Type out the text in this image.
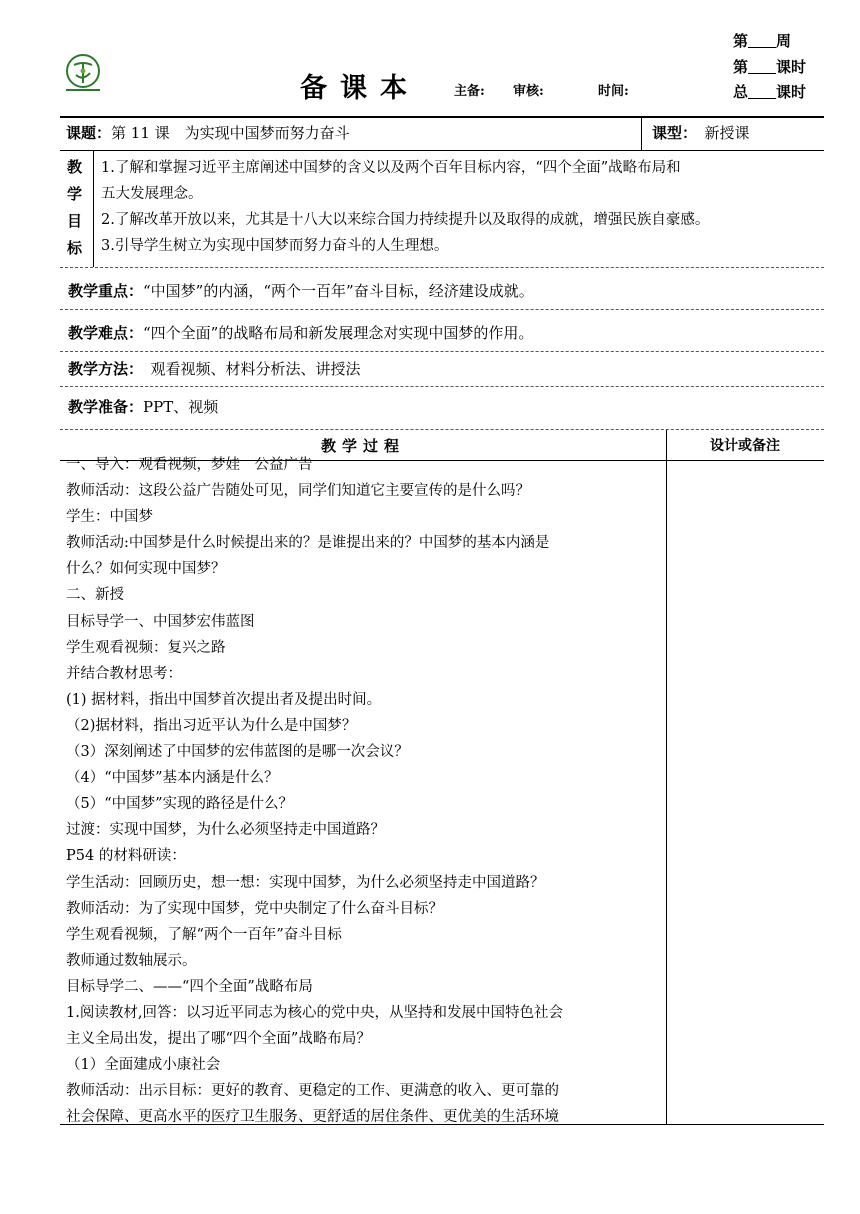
备课本	主备: 审核:	时间:
第 周
第 课时
总 课时
课题：第 11 课　为实现中国梦而努力奋斗	课型：　 新授课
教
学
目
标
1.了解和掌握习近平主席阐述中国梦的含义以及两个百年目标内容，“四个全面”战略布局和
五大发展理念。
2.了解改革开放以来，尤其是十八大以来综合国力持续提升以及取得的成就，增强民族自豪感。
3.引导学生树立为实现中国梦而努力奋斗的人生理想。
教学重点：“中国梦”的内涵，“两个一百年”奋斗目标，经济建设成就。
教学难点：“四个全面”的战略布局和新发展理念对实现中国梦的作用。
教学方法：　 观看视频、材料分析法、讲授法
教学准备：PPT、视频
教学过程	设计或备注
一、导入：观看视频，梦娃　公益广告
教师活动：这段公益广告随处可见，同学们知道它主要宣传的是什么吗？
学生：中国梦
教师活动:中国梦是什么时候提出来的？是谁提出来的？中国梦的基本内涵是
什么？如何实现中国梦？
二、新授
目标导学一、中国梦宏伟蓝图
学生观看视频：复兴之路
并结合教材思考：
(1) 据材料，指出中国梦首次提出者及提出时间。
（2)据材料，指出习近平认为什么是中国梦？
（3）深刻阐述了中国梦的宏伟蓝图的是哪一次会议？
（4）“中国梦”基本内涵是什么？
（5）“中国梦”实现的路径是什么？
过渡：实现中国梦，为什么必须坚持走中国道路？
P54 的材料研读：
学生活动：回顾历史，想一想：实现中国梦，为什么必须坚持走中国道路？
教师活动：为了实现中国梦，党中央制定了什么奋斗目标？
学生观看视频，了解“两个一百年”奋斗目标
教师通过数轴展示。
目标导学二、——“四个全面”战略布局
1.阅读教材,回答：以习近平同志为核心的党中央，从坚持和发展中国特色社会
主义全局出发，提出了哪“四个全面”战略布局？
（1）全面建成小康社会
教师活动：出示目标：更好的教育、更稳定的工作、更满意的收入、更可靠的
社会保障、更高水平的医疗卫生服务、更舒适的居住条件、更优美的生活环境
